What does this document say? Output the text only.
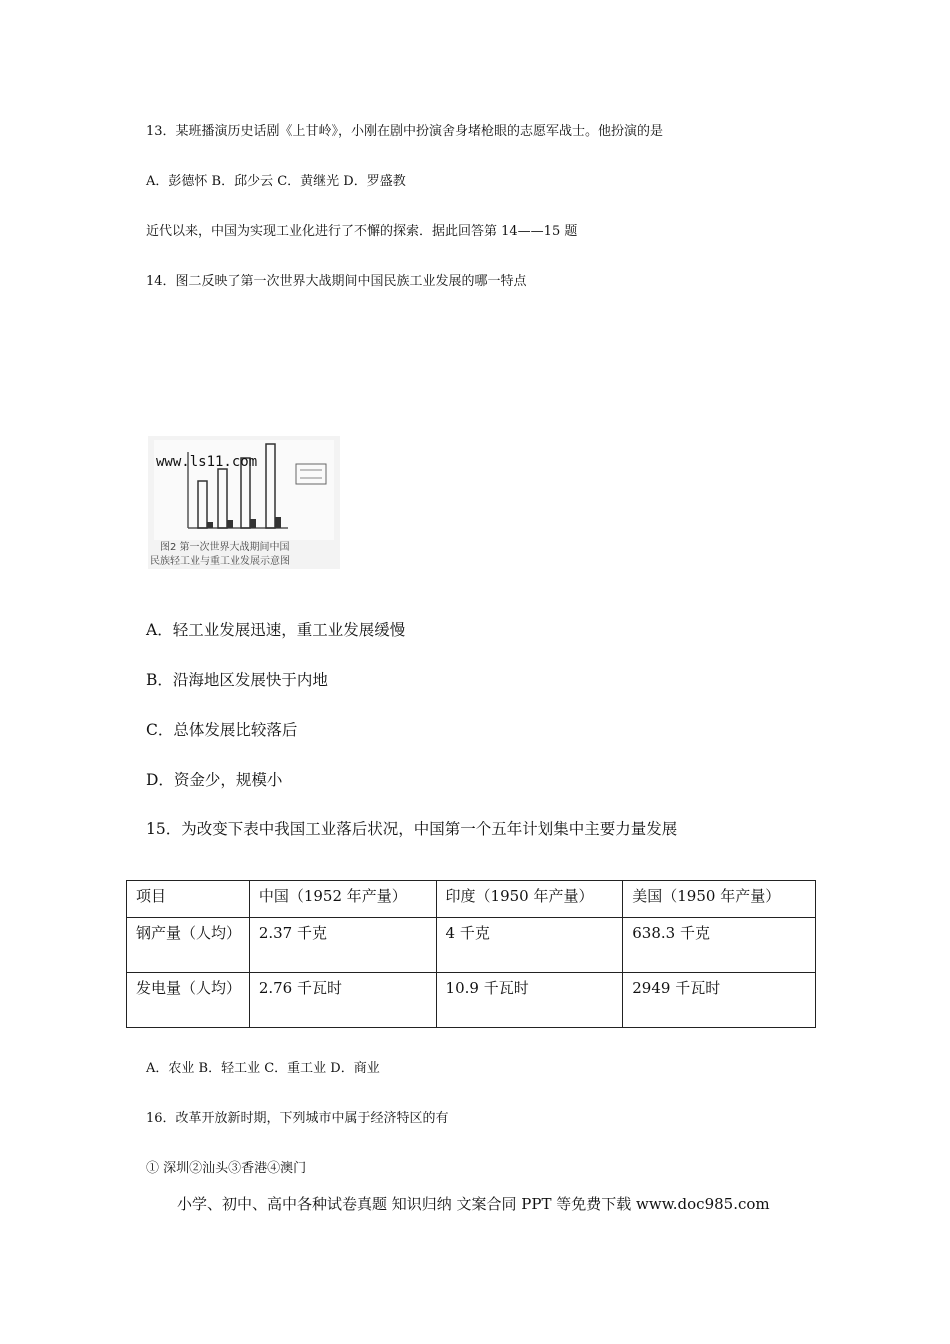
13．某班播演历史话剧《上甘岭》，小刚在剧中扮演舍身堵枪眼的志愿军战士。他扮演的是
A．彭德怀 B．邱少云 C．黄继光 D．罗盛教
近代以来，中国为实现工业化进行了不懈的探索．据此回答第 14——15 题
14．图二反映了第一次世界大战期间中国民族工业发展的哪一特点
www.ls11.com
图2 第一次世界大战期间中国
民族轻工业与重工业发展示意图
A．轻工业发展迅速，重工业发展缓慢
B．沿海地区发展快于内地
C．总体发展比较落后
D．资金少，规模小
15．为改变下表中我国工业落后状况，中国第一个五年计划集中主要力量发展
项目	中国（1952 年产量）	印度（1950 年产量）	美国（1950 年产量）
钢产量（人均）	2.37 千克	4 千克	638.3 千克
发电量（人均）	2.76 千瓦时	10.9 千瓦时	2949 千瓦时
A．农业 B．轻工业 C．重工业 D．商业
16．改革开放新时期，下列城市中属于经济特区的有
① 深圳②汕头③香港④澳门
小学、初中、高中各种试卷真题 知识归纳 文案合同 PPT 等免费下载 www.doc985.com
